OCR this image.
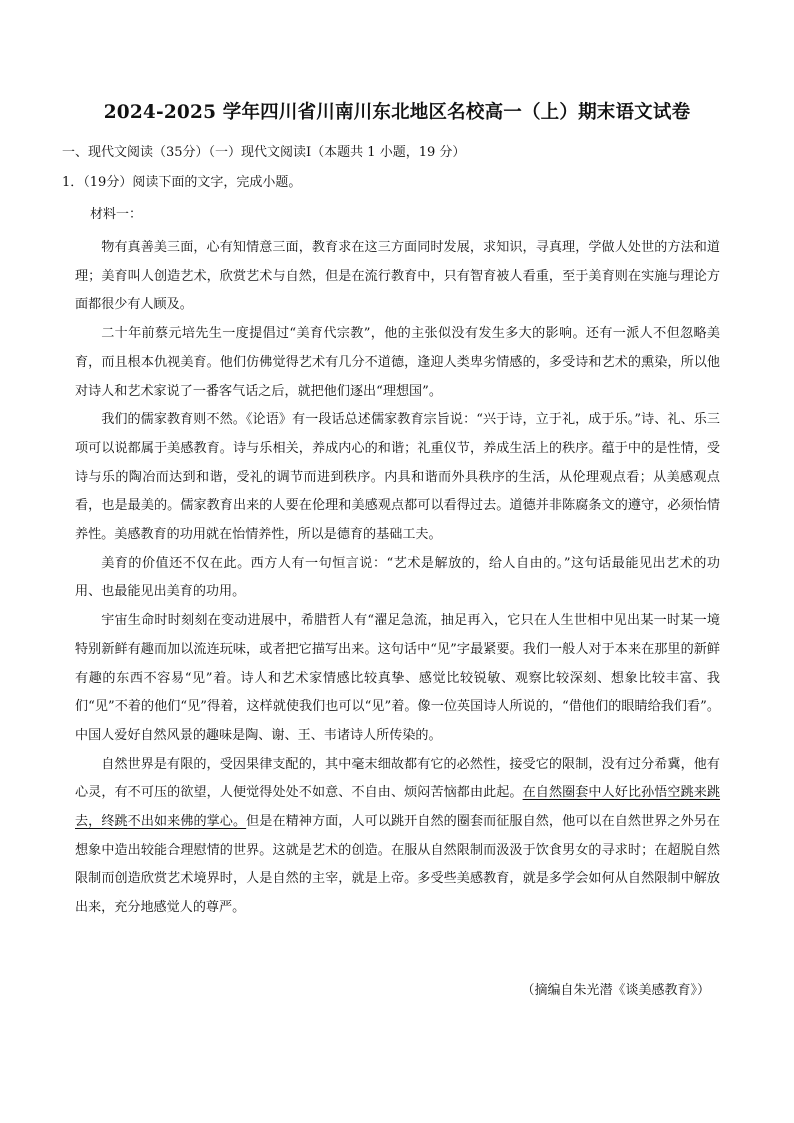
2024-2025 学年四川省川南川东北地区名校高一（上）期末语文试卷
一、现代文阅读（35分）（一）现代文阅读Ⅰ（本题共 1 小题，19 分）
1．（19分）阅读下面的文字，完成小题。
材料一：

物有真善美三面，心有知情意三面，教育求在这三方面同时发展，求知识，寻真理，学做人处世的方法和道理；美育叫人创造艺术，欣赏艺术与自然，但是在流行教育中，只有智育被人看重，至于美育则在实施与理论方面都很少有人顾及。

二十年前蔡元培先生一度提倡过“美育代宗教”，他的主张似没有发生多大的影响。还有一派人不但忽略美育，而且根本仇视美育。他们仿佛觉得艺术有几分不道德，逢迎人类卑劣情感的，多受诗和艺术的熏染，所以他对诗人和艺术家说了一番客气话之后，就把他们逐出“理想国”。

我们的儒家教育则不然。《论语》有一段话总述儒家教育宗旨说：“兴于诗，立于礼，成于乐。”诗、礼、乐三项可以说都属于美感教育。诗与乐相关，养成内心的和谐；礼重仪节，养成生活上的秩序。蕴于中的是性情，受诗与乐的陶冶而达到和谐，受礼的调节而进到秩序。内具和谐而外具秩序的生活，从伦理观点看；从美感观点看，也是最美的。儒家教育出来的人要在伦理和美感观点都可以看得过去。道德并非陈腐条文的遵守，必须怡情养性。美感教育的功用就在怡情养性，所以是德育的基础工夫。

美育的价值还不仅在此。西方人有一句恒言说：“艺术是解放的，给人自由的。”这句话最能见出艺术的功用、也最能见出美育的功用。

宇宙生命时时刻刻在变动进展中，希腊哲人有“濯足急流，抽足再入，它只在人生世相中见出某一时某一境特别新鲜有趣而加以流连玩味，或者把它描写出来。这句话中“见”字最紧要。我们一般人对于本来在那里的新鲜有趣的东西不容易“见”着。诗人和艺术家情感比较真挚、感觉比较锐敏、观察比较深刻、想象比较丰富、我们“见”不着的他们“见”得着，这样就使我们也可以“见”着。像一位英国诗人所说的，“借他们的眼睛给我们看”。中国人爱好自然风景的趣味是陶、谢、王、韦诸诗人所传染的。

自然世界是有限的，受因果律支配的，其中毫末细故都有它的必然性，接受它的限制，没有过分希冀，他有心灵，有不可压的欲望，人便觉得处处不如意、不自由、烦闷苦恼都由此起。在自然圈套中人好比孙悟空跳来跳去，终跳不出如来佛的掌心。但是在精神方面，人可以跳开自然的圈套而征服自然，他可以在自然世界之外另在想象中造出较能合理慰情的世界。这就是艺术的创造。在服从自然限制而汲汲于饮食男女的寻求时；在超脱自然限制而创造欣赏艺术境界时，人是自然的主宰，就是上帝。多受些美感教育，就是多学会如何从自然限制中解放出来，充分地感觉人的尊严。

（摘编自朱光潜《谈美感教育》）
